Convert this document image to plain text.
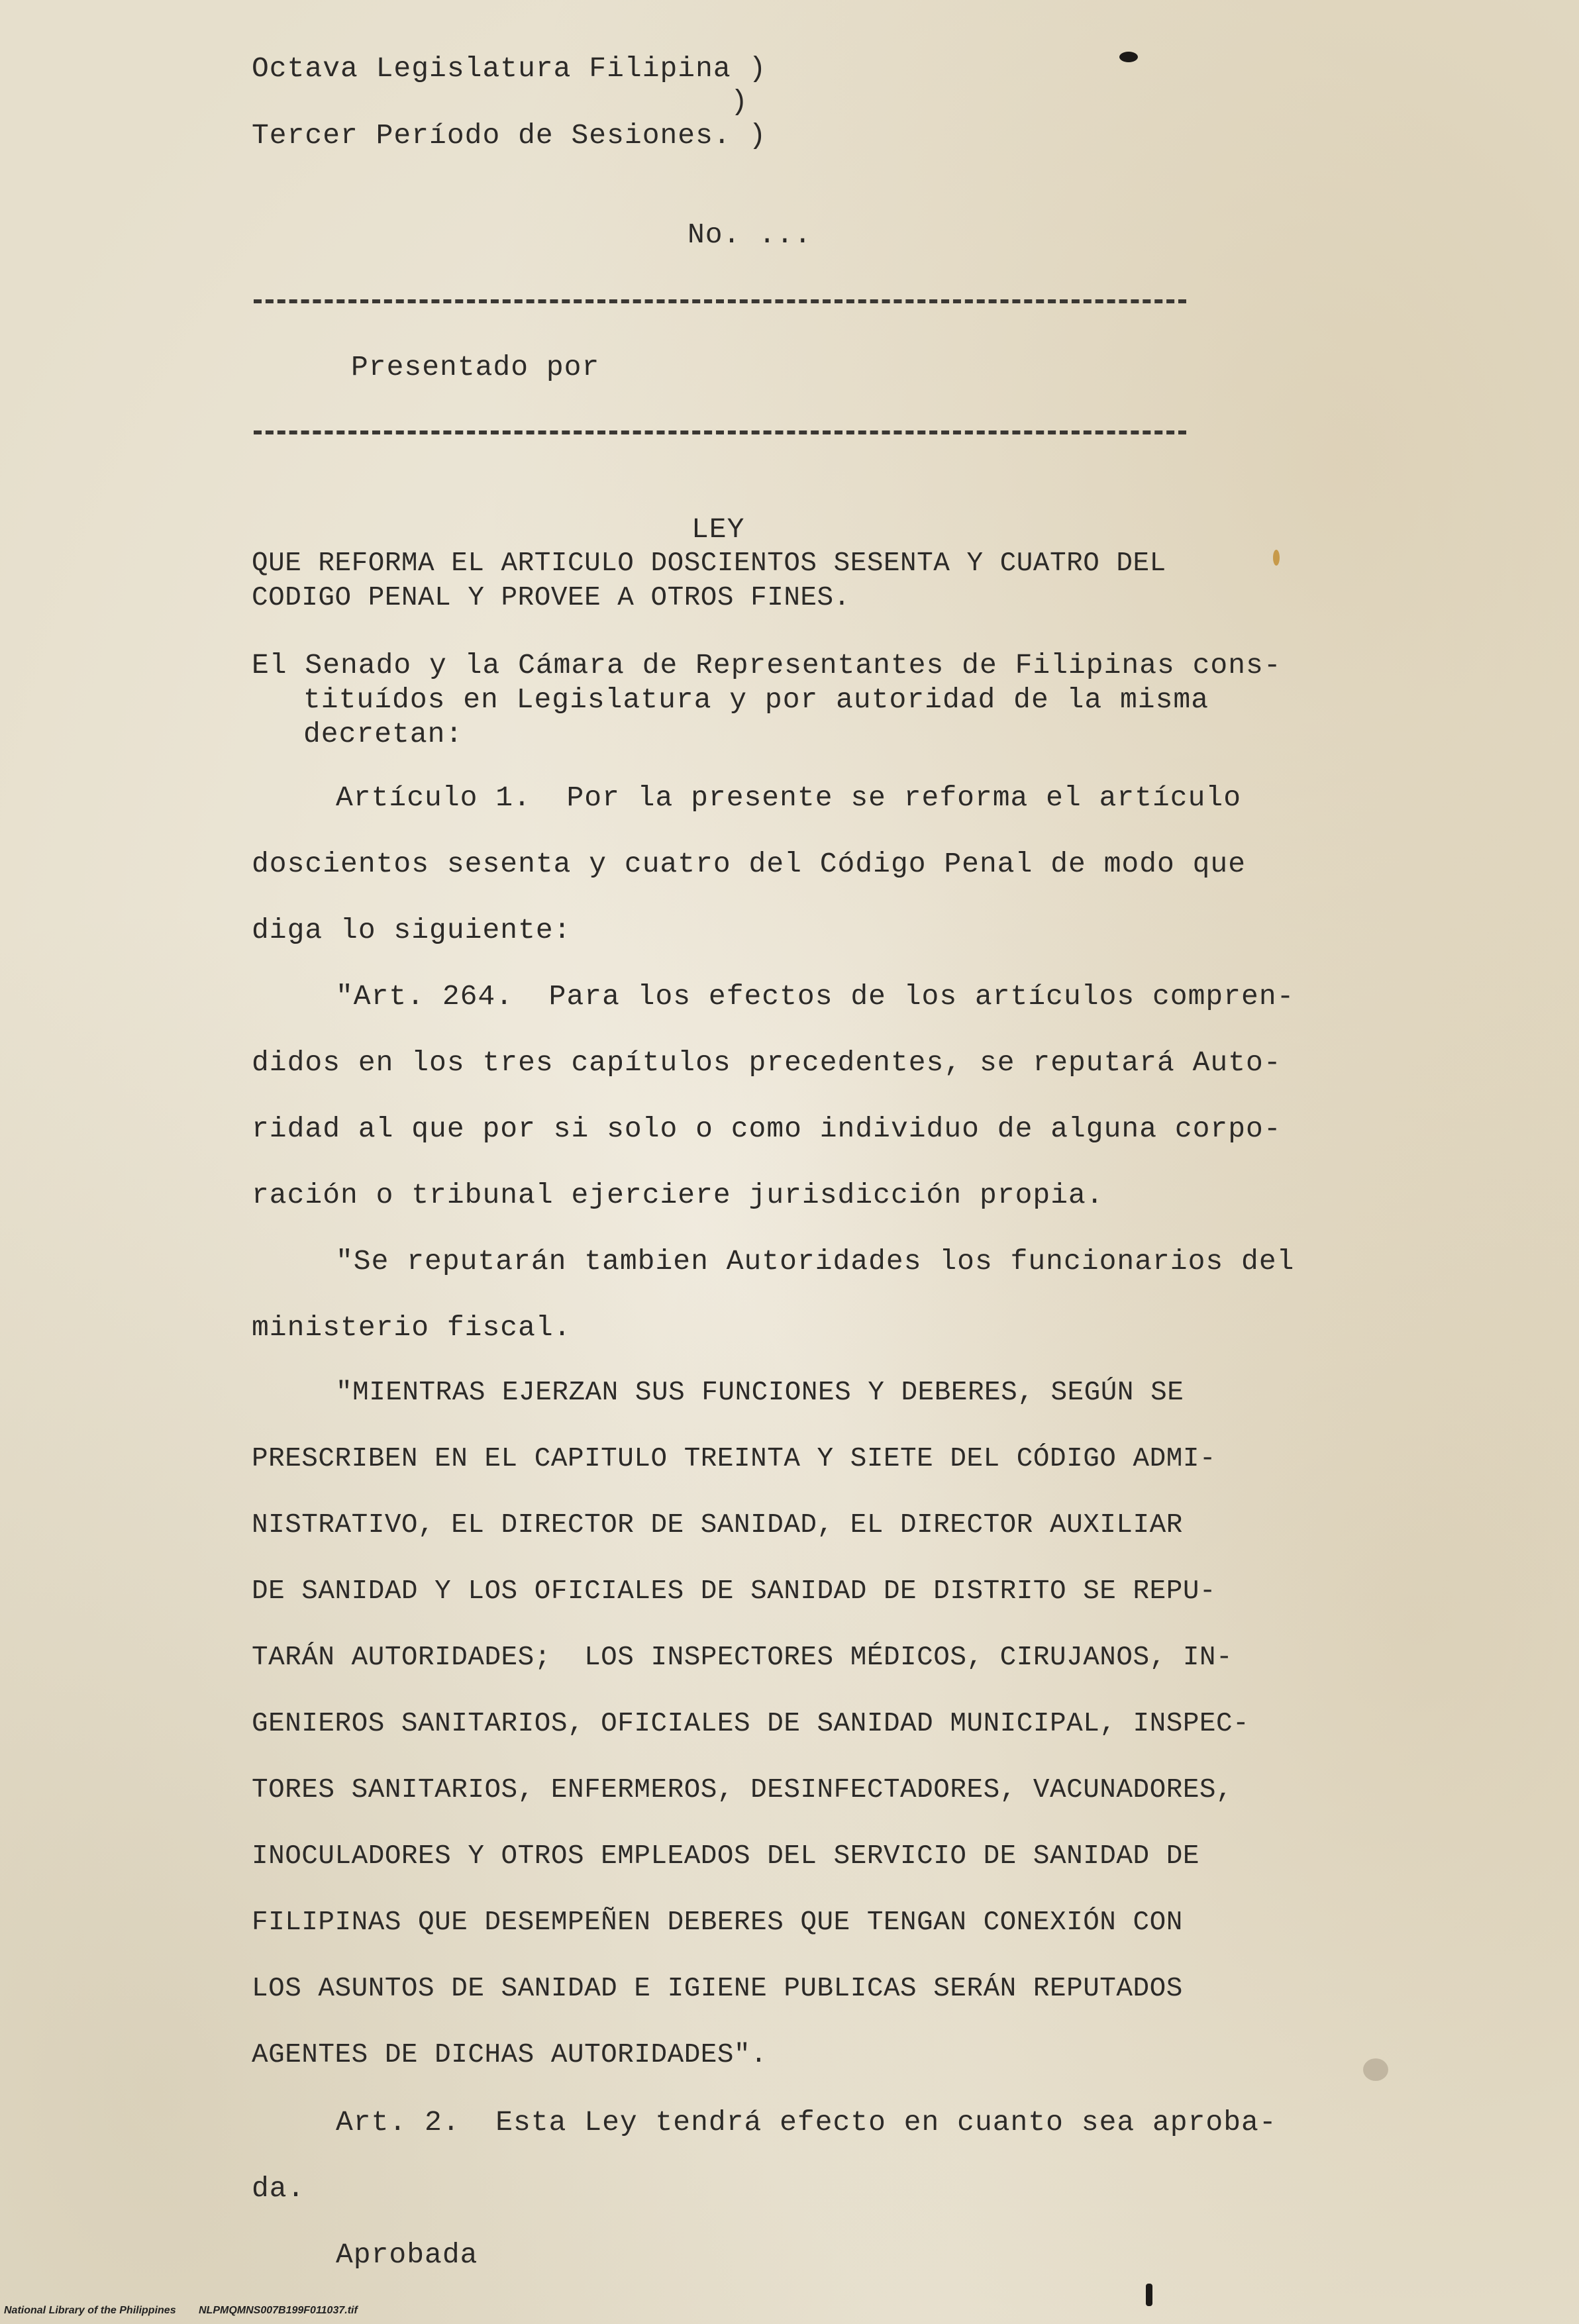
Octava Legislatura Filipina )
)
Tercer Período de Sesiones. )
No. ...
Presentado por
LEY
QUE REFORMA EL ARTICULO DOSCIENTOS SESENTA Y CUATRO DEL
CODIGO PENAL Y PROVEE A OTROS FINES.
El Senado y la Cámara de Representantes de Filipinas cons-
tituídos en Legislatura y por autoridad de la misma
decretan:
Artículo 1.  Por la presente se reforma el artículo
doscientos sesenta y cuatro del Código Penal de modo que
diga lo siguiente:
"Art. 264.  Para los efectos de los artículos compren-
didos en los tres capítulos precedentes, se reputará Auto-
ridad al que por si solo o como individuo de alguna corpo-
ración o tribunal ejerciere jurisdicción propia.
"Se reputarán tambien Autoridades los funcionarios del
ministerio fiscal.
"MIENTRAS EJERZAN SUS FUNCIONES Y DEBERES, SEGÚN SE
PRESCRIBEN EN EL CAPITULO TREINTA Y SIETE DEL CÓDIGO ADMI-
NISTRATIVO, EL DIRECTOR DE SANIDAD, EL DIRECTOR AUXILIAR
DE SANIDAD Y LOS OFICIALES DE SANIDAD DE DISTRITO SE REPU-
TARÁN AUTORIDADES;  LOS INSPECTORES MÉDICOS, CIRUJANOS, IN-
GENIEROS SANITARIOS, OFICIALES DE SANIDAD MUNICIPAL, INSPEC-
TORES SANITARIOS, ENFERMEROS, DESINFECTADORES, VACUNADORES,
INOCULADORES Y OTROS EMPLEADOS DEL SERVICIO DE SANIDAD DE
FILIPINAS QUE DESEMPEÑEN DEBERES QUE TENGAN CONEXIÓN CON
LOS ASUNTOS DE SANIDAD E IGIENE PUBLICAS SERÁN REPUTADOS
AGENTES DE DICHAS AUTORIDADES".
Art. 2.  Esta Ley tendrá efecto en cuanto sea aproba-
da.
Aprobada
National Library of the Philippines NLPMQMNS007B199F011037.tif
